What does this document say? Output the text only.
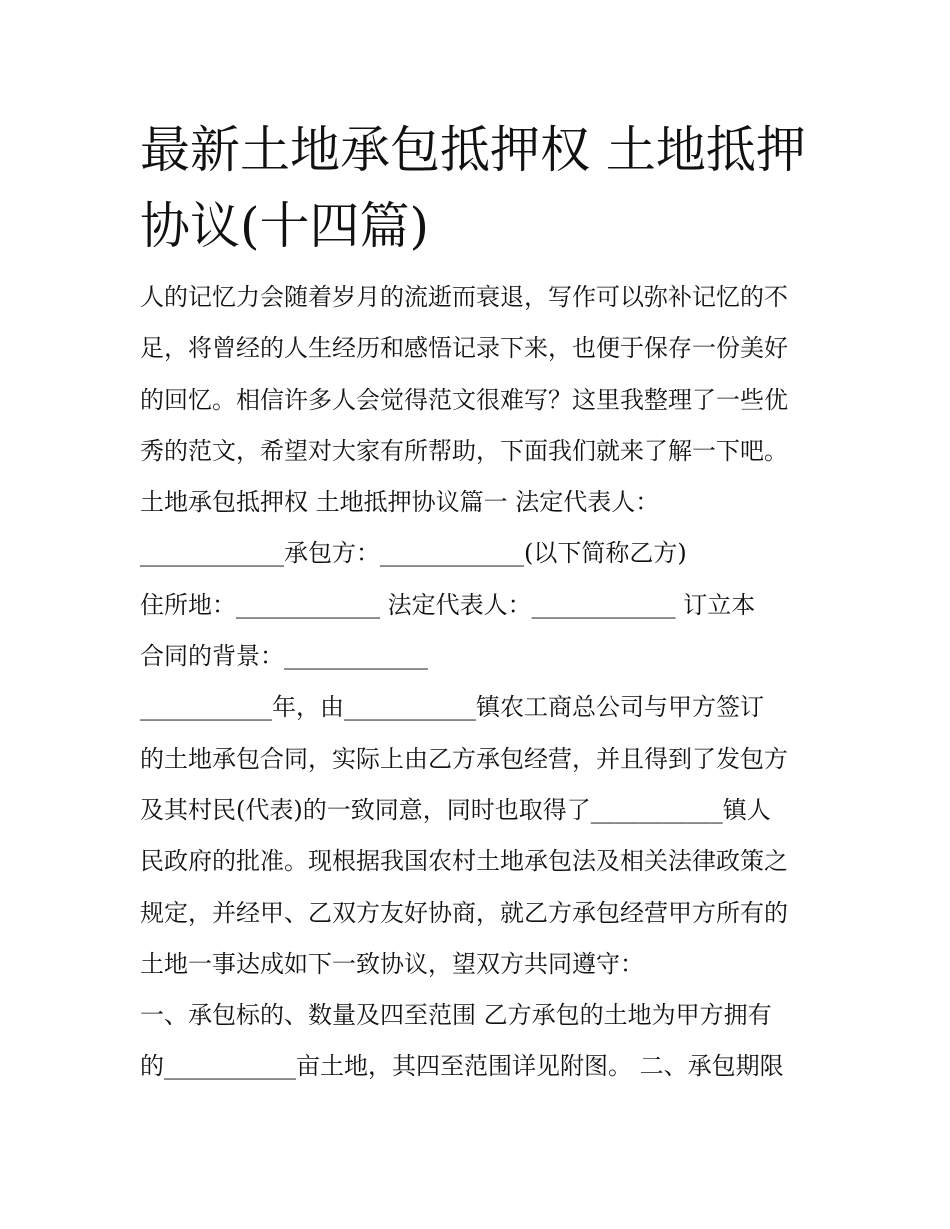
最新土地承包抵押权 土地抵押协议(十四篇)
人的记忆力会随着岁月的流逝而衰退，写作可以弥补记忆的不
足，将曾经的人生经历和感悟记录下来，也便于保存一份美好
的回忆。相信许多人会觉得范文很难写？这里我整理了一些优
秀的范文，希望对大家有所帮助，下面我们就来了解一下吧。
土地承包抵押权 土地抵押协议篇一 法定代表人：
____________承包方：____________(以下简称乙方)
住所地：____________ 法定代表人：____________ 订立本
合同的背景：____________
___________年，由___________镇农工商总公司与甲方签订
的土地承包合同，实际上由乙方承包经营，并且得到了发包方
及其村民(代表)的一致同意，同时也取得了___________镇人
民政府的批准。现根据我国农村土地承包法及相关法律政策之
规定，并经甲、乙双方友好协商，就乙方承包经营甲方所有的
土地一事达成如下一致协议，望双方共同遵守：
一、承包标的、数量及四至范围 乙方承包的土地为甲方拥有
的___________亩土地，其四至范围详见附图。 二、承包期限
